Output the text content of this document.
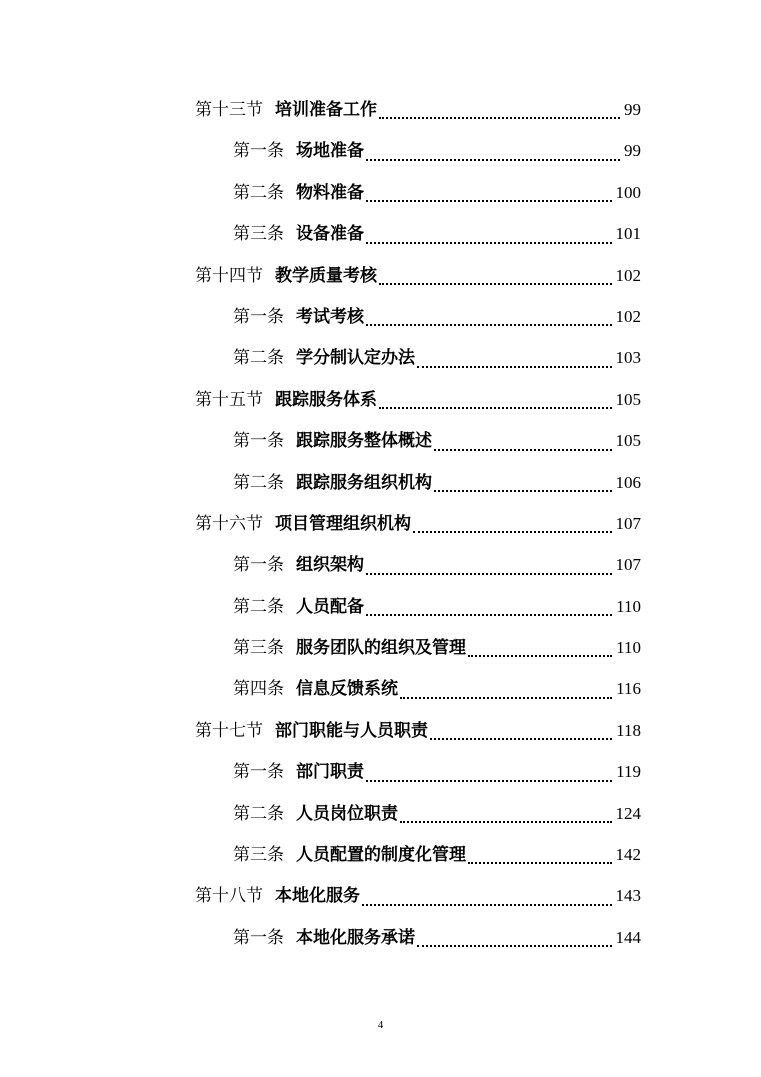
第十三节 培训准备工作	99
第一条 场地准备	99
第二条 物料准备	100
第三条 设备准备	101
第十四节 教学质量考核	102
第一条 考试考核	102
第二条 学分制认定办法	103
第十五节 跟踪服务体系	105
第一条 跟踪服务整体概述	105
第二条 跟踪服务组织机构	106
第十六节 项目管理组织机构	107
第一条 组织架构	107
第二条 人员配备	110
第三条 服务团队的组织及管理	110
第四条 信息反馈系统	116
第十七节 部门职能与人员职责	118
第一条 部门职责	119
第二条 人员岗位职责	124
第三条 人员配置的制度化管理	142
第十八节 本地化服务	143
第一条 本地化服务承诺	144
4
